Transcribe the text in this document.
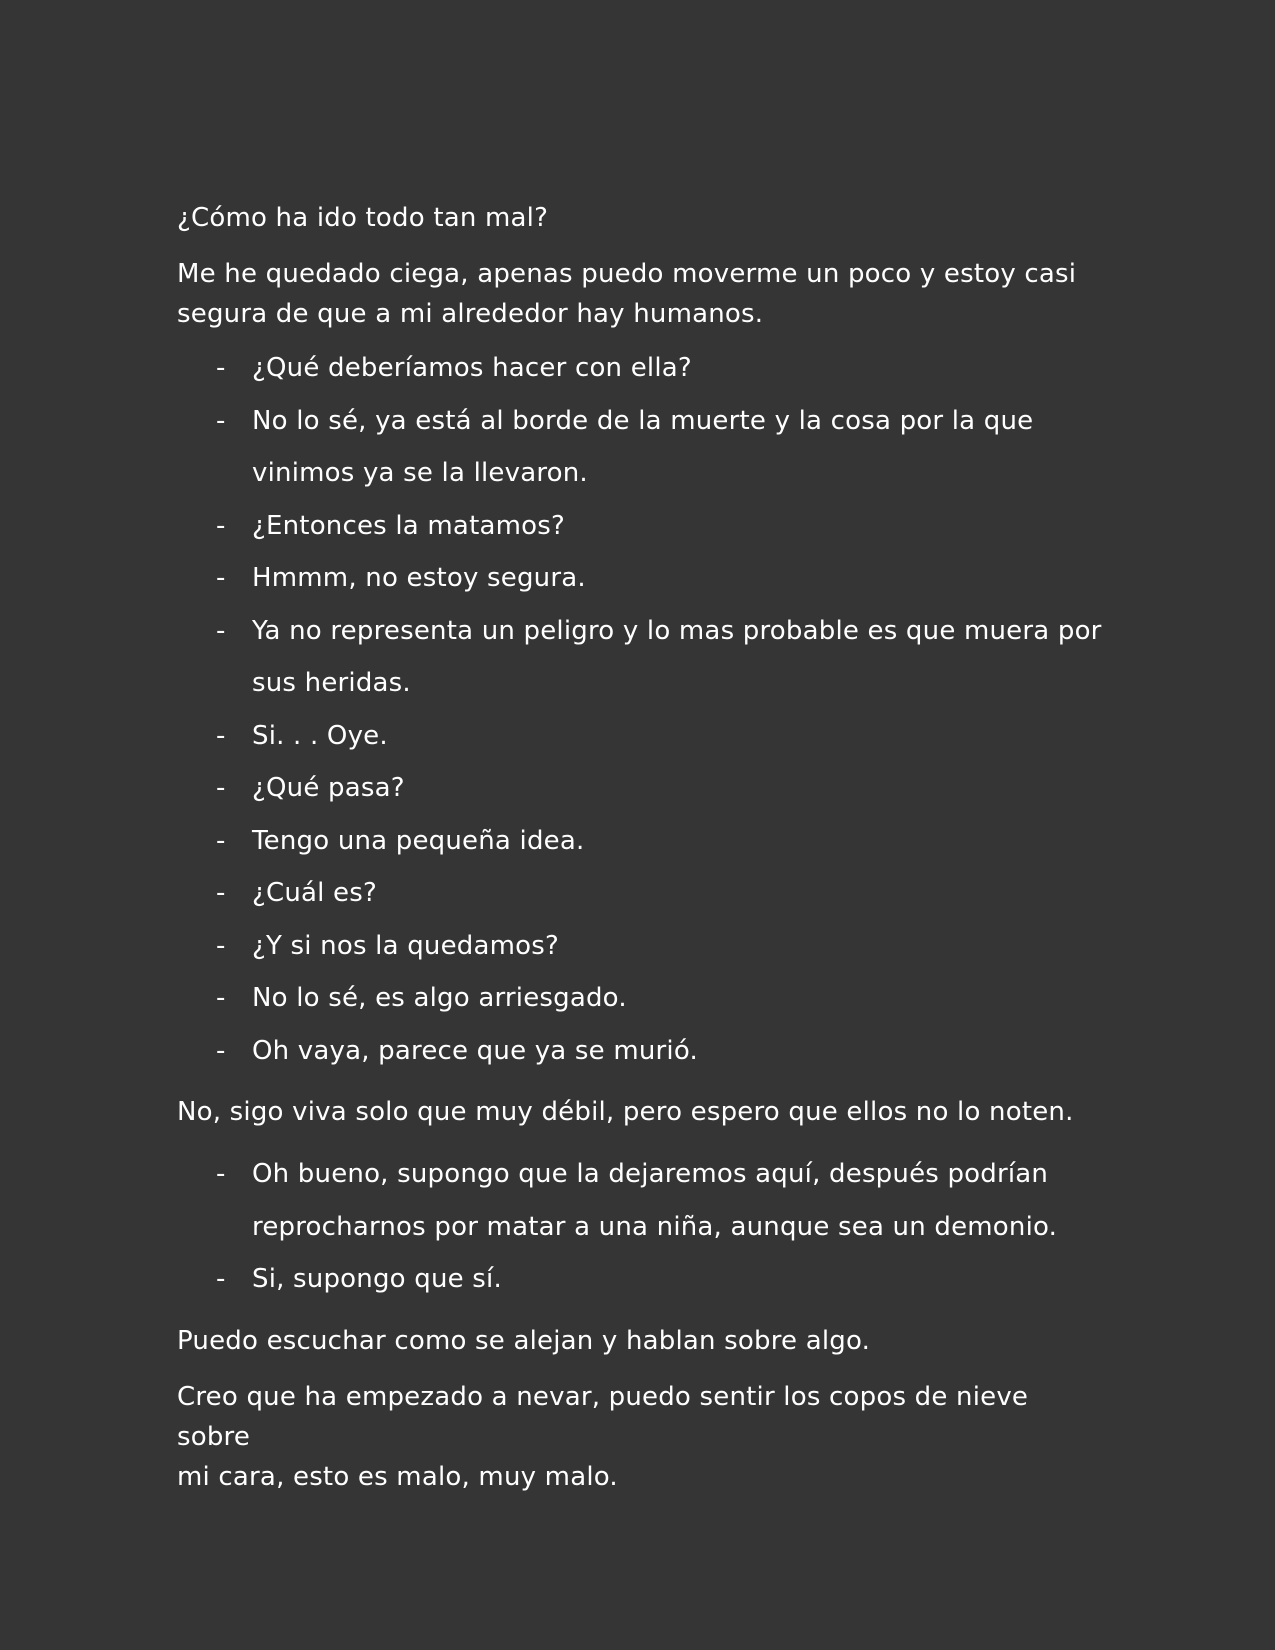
¿Cómo ha ido todo tan mal?

Me he quedado ciega, apenas puedo moverme un poco y estoy casi
segura de que a mi alrededor hay humanos.

- ¿Qué deberíamos hacer con ella?
- No lo sé, ya está al borde de la muerte y la cosa por la que
vinimos ya se la llevaron.
- ¿Entonces la matamos?
- Hmmm, no estoy segura.
- Ya no representa un peligro y lo mas probable es que muera por
sus heridas.
- Si. . . Oye.
- ¿Qué pasa?
- Tengo una pequeña idea.
- ¿Cuál es?
- ¿Y si nos la quedamos?
- No lo sé, es algo arriesgado.
- Oh vaya, parece que ya se murió.

No, sigo viva solo que muy débil, pero espero que ellos no lo noten.

- Oh bueno, supongo que la dejaremos aquí, después podrían
reprocharnos por matar a una niña, aunque sea un demonio.
- Si, supongo que sí.

Puedo escuchar como se alejan y hablan sobre algo.

Creo que ha empezado a nevar, puedo sentir los copos de nieve sobre
mi cara, esto es malo, muy malo.
